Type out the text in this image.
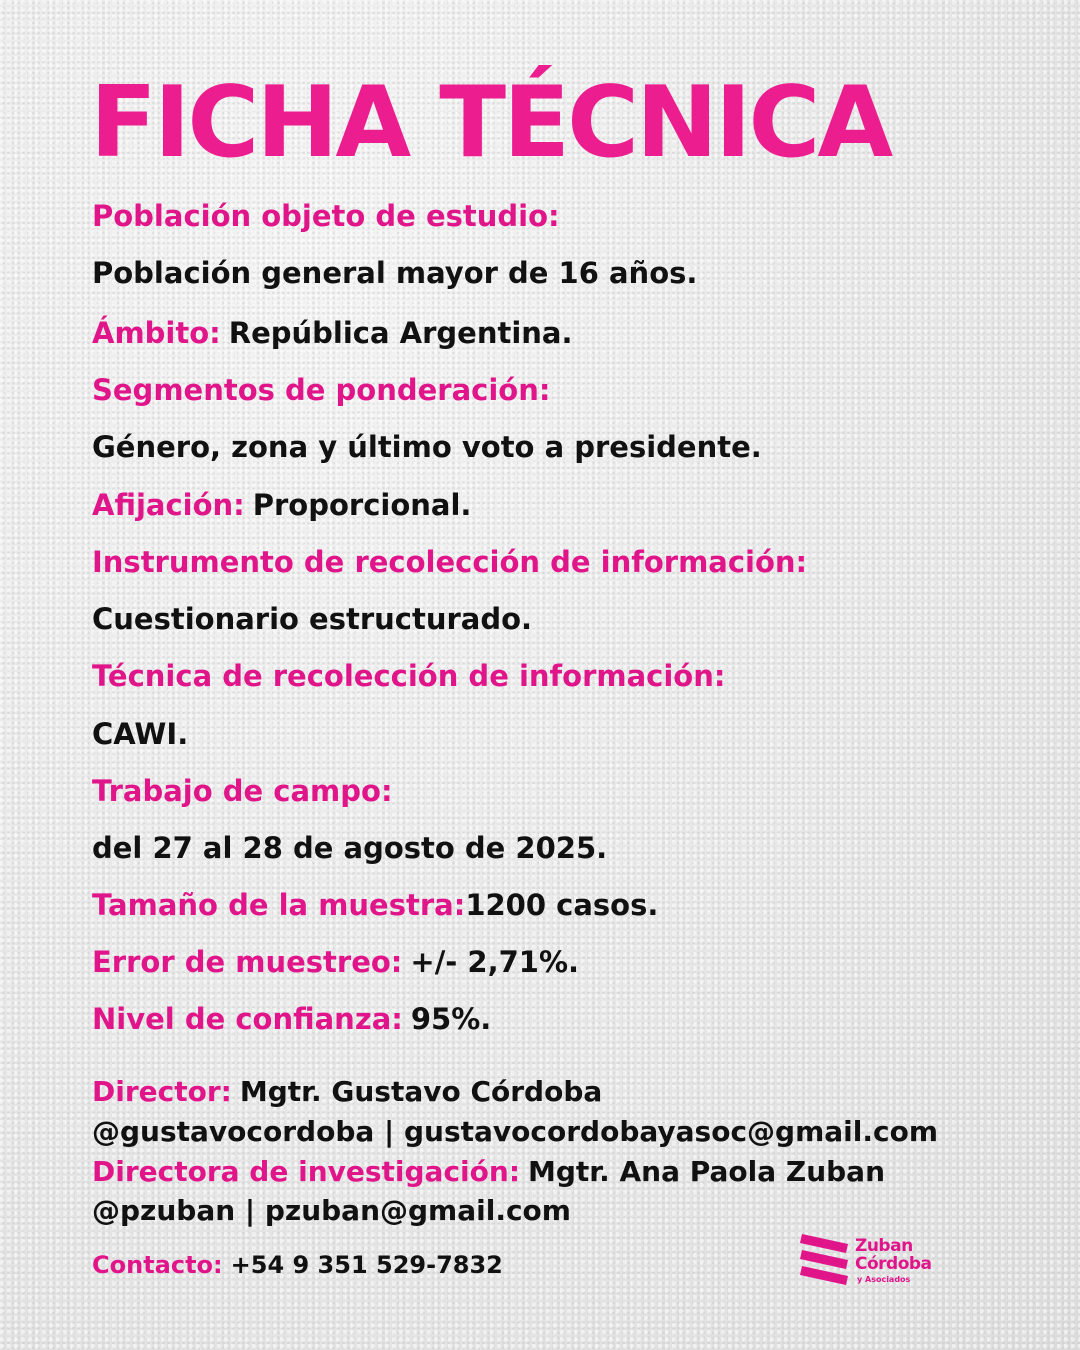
FICHA TÉCNICA
Población objeto de estudio:
Población general mayor de 16 años.
Ámbito: República Argentina.
Segmentos de ponderación:
Género, zona y último voto a presidente.
Afijación: Proporcional.
Instrumento de recolección de información:
Cuestionario estructurado.
Técnica de recolección de información:
CAWI.
Trabajo de campo:
del 27 al 28 de agosto de 2025.
Tamaño de la muestra:1200 casos.
Error de muestreo: +/- 2,71%.
Nivel de confianza: 95%.
Director: Mgtr. Gustavo Córdoba
@gustavocordoba | gustavocordobayasoc@gmail.com
Directora de investigación: Mgtr. Ana Paola Zuban
@pzuban | pzuban@gmail.com
Contacto: +54 9 351 529-7832
Zuban
Córdoba
y Asociados
